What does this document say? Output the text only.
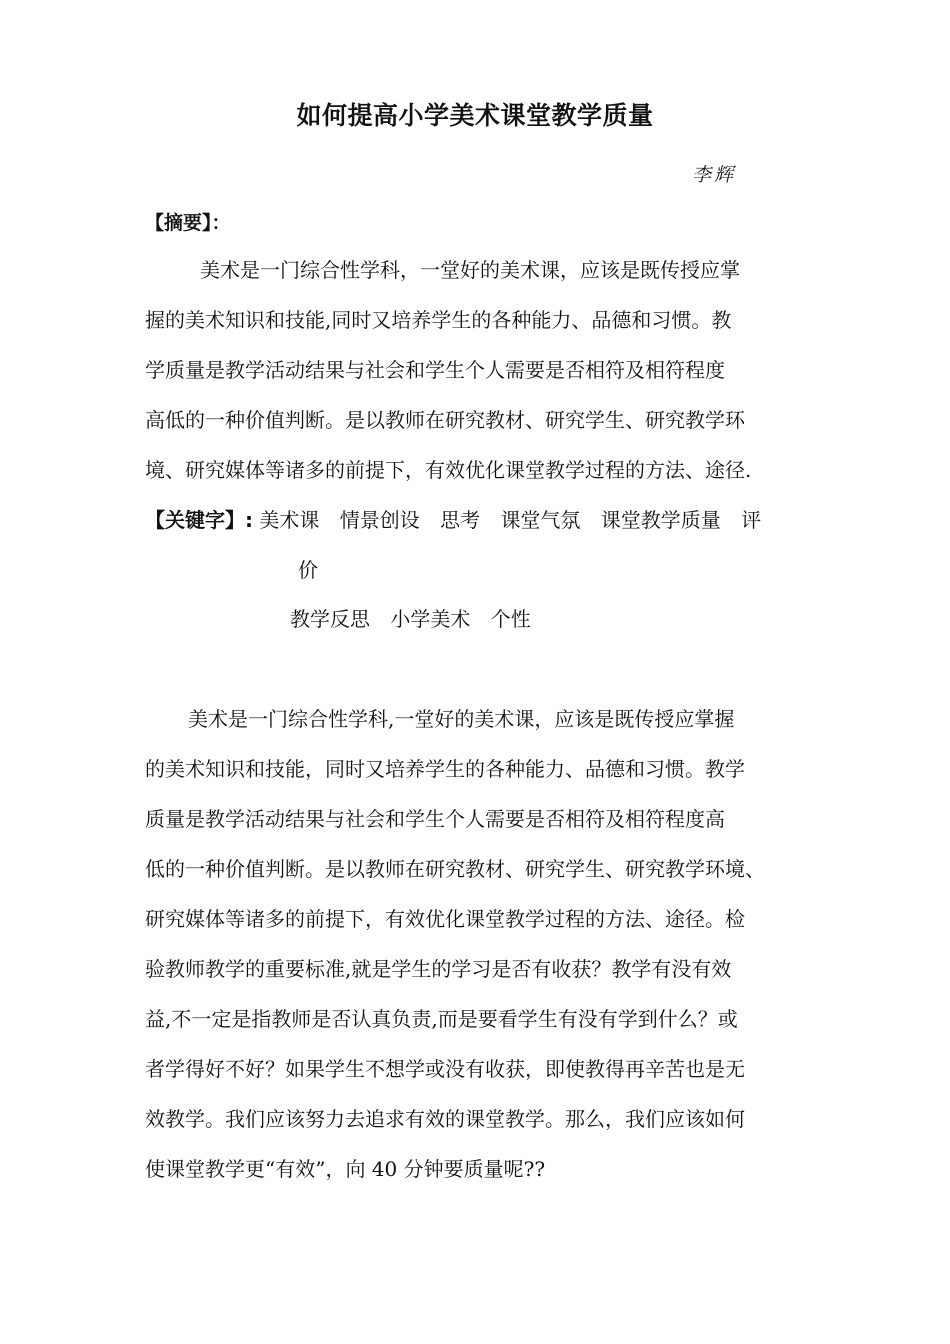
如何提高小学美术课堂教学质量
李辉
【摘要】：
美术是一门综合性学科，一堂好的美术课，应该是既传授应掌
握的美术知识和技能,同时又培养学生的各种能力、品德和习惯。教
学质量是教学活动结果与社会和学生个人需要是否相符及相符程度
高低的一种价值判断。是以教师在研究教材、研究学生、研究教学环
境、研究媒体等诸多的前提下，有效优化课堂教学过程的方法、途径.
【关键字】: 美术课 情景创设 思考 课堂气氛 课堂教学质量 评
价
教学反思 小学美术 个性
美术是一门综合性学科,一堂好的美术课，应该是既传授应掌握
的美术知识和技能，同时又培养学生的各种能力、品德和习惯。教学
质量是教学活动结果与社会和学生个人需要是否相符及相符程度高
低的一种价值判断。是以教师在研究教材、研究学生、研究教学环境、
研究媒体等诸多的前提下，有效优化课堂教学过程的方法、途径。检
验教师教学的重要标准,就是学生的学习是否有收获？教学有没有效
益,不一定是指教师是否认真负责,而是要看学生有没有学到什么？或
者学得好不好？如果学生不想学或没有收获，即使教得再辛苦也是无
效教学。我们应该努力去追求有效的课堂教学。那么，我们应该如何
使课堂教学更“有效”，向 40 分钟要质量呢??
